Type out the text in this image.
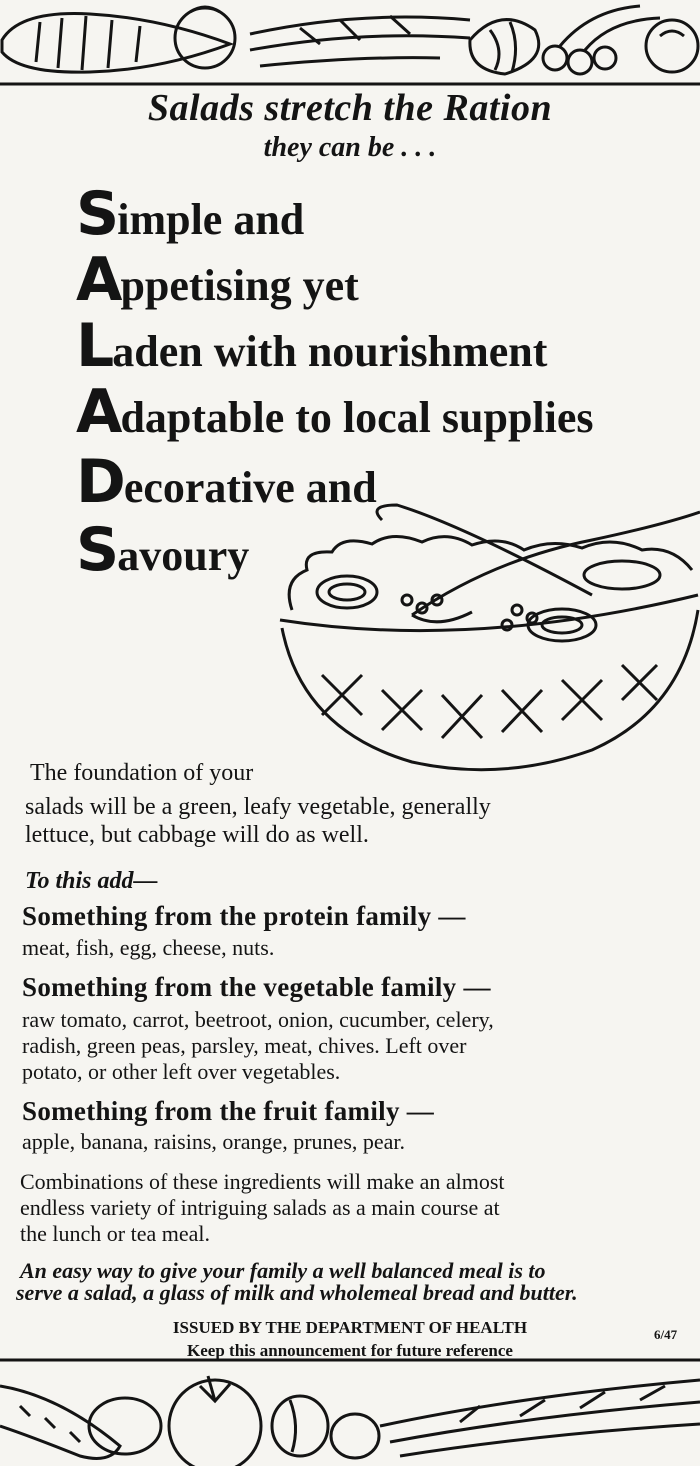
Salads stretch the Ration
they can be . . .
Simple and
Appetising yet
Laden with nourishment
Adaptable to local supplies
Decorative and
Savoury
The foundation of your
salads will be a green, leafy vegetable, generally
lettuce, but cabbage will do as well.
To this add—
Something from the protein family —
meat, fish, egg, cheese, nuts.
Something from the vegetable family —
raw tomato, carrot, beetroot, onion, cucumber, celery,
radish, green peas, parsley, meat, chives. Left over
potato, or other left over vegetables.
Something from the fruit family —
apple, banana, raisins, orange, prunes, pear.
Combinations of these ingredients will make an almost
endless variety of intriguing salads as a main course at
the lunch or tea meal.
An easy way to give your family a well balanced meal is to
serve a salad, a glass of milk and wholemeal bread and butter.
ISSUED BY THE DEPARTMENT OF HEALTH
Keep this announcement for future reference
6/47
